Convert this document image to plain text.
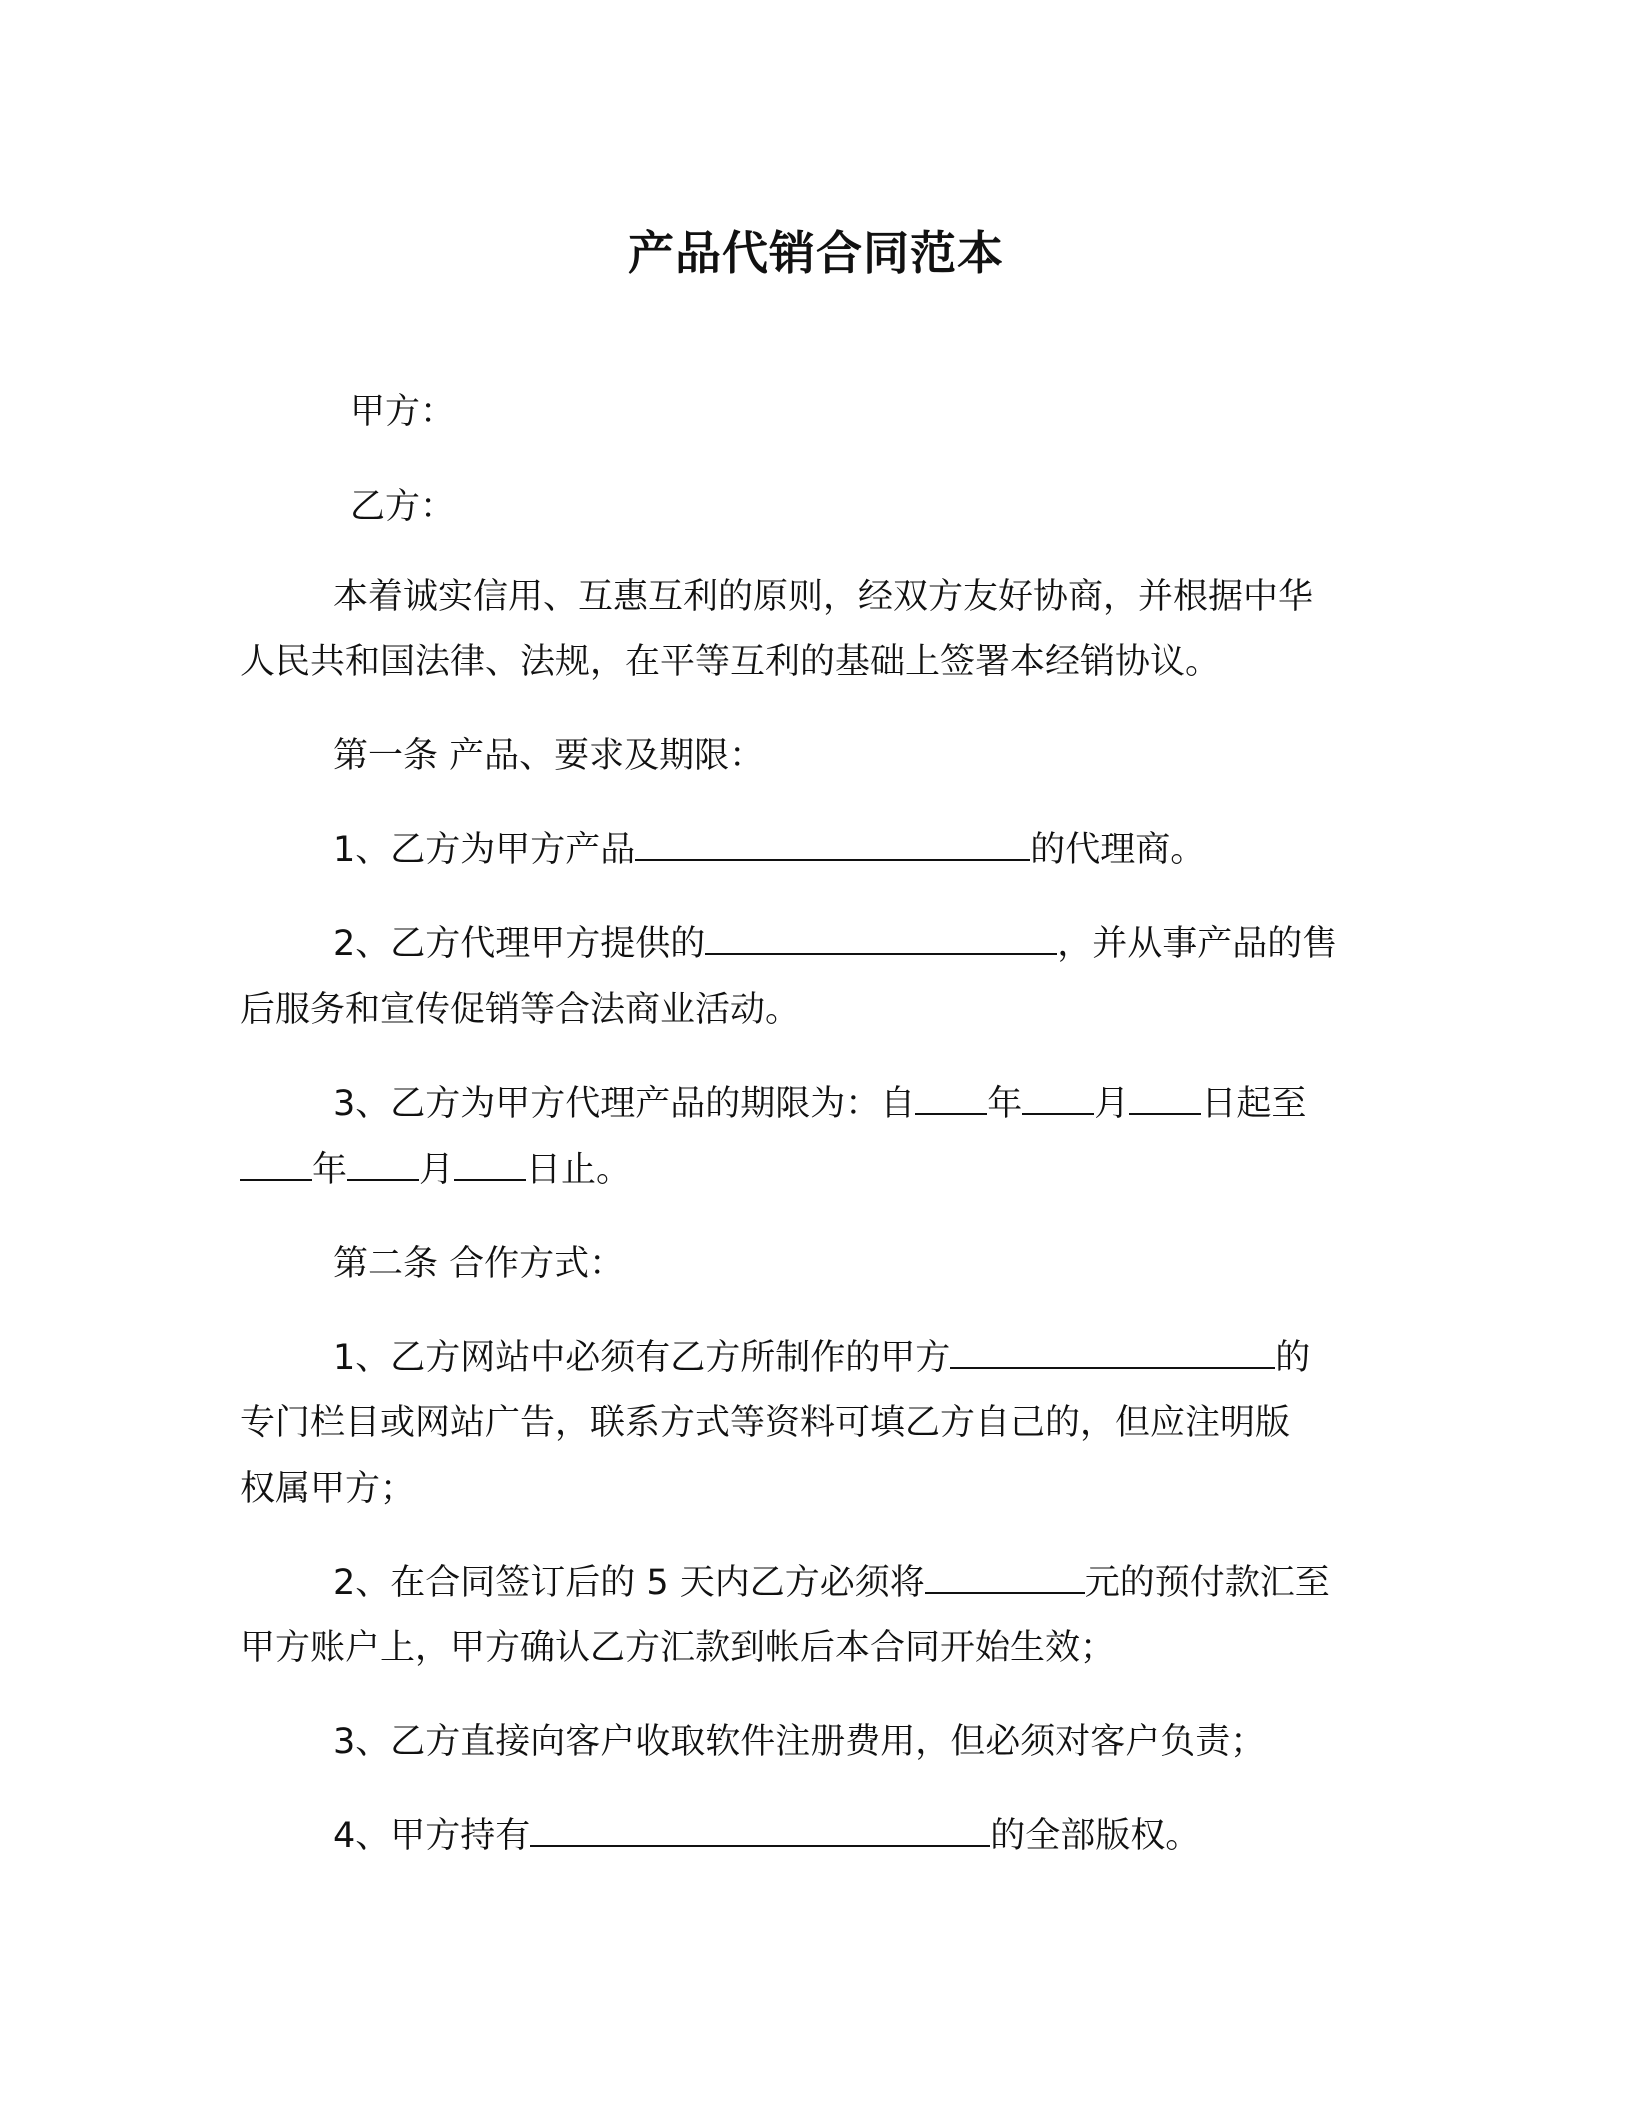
产品代销合同范本
甲方：
乙方：
本着诚实信用、互惠互利的原则，经双方友好协商，并根据中华
人民共和国法律、法规，在平等互利的基础上签署本经销协议。
第一条 产品、要求及期限：
1、乙方为甲方产品	的代理商。
2、乙方代理甲方提供的	，并从事产品的售
后服务和宣传促销等合法商业活动。
3、乙方为甲方代理产品的期限为：自 年 月 日起至
年 月 日止。
第二条 合作方式：
1、乙方网站中必须有乙方所制作的甲方	的
专门栏目或网站广告，联系方式等资料可填乙方自己的，但应注明版
权属甲方；
2、在合同签订后的 5 天内乙方必须将	元的预付款汇至
甲方账户上，甲方确认乙方汇款到帐后本合同开始生效；
3、乙方直接向客户收取软件注册费用，但必须对客户负责；
4、甲方持有	的全部版权。
